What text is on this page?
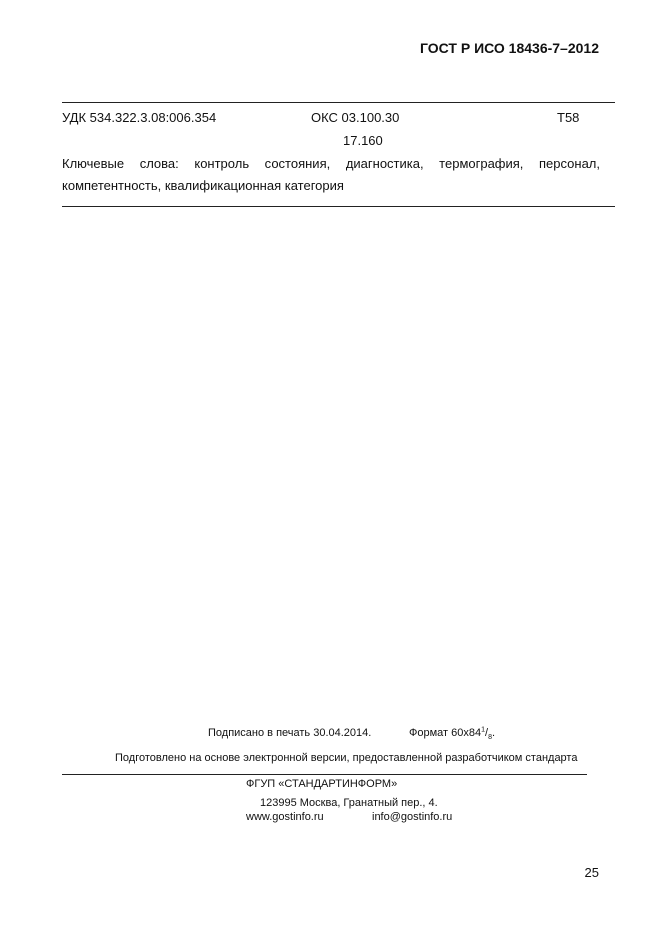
ГОСТ Р ИСО 18436-7–2012
УДК 534.322.3.08:006.354	ОКС 03.100.30
17.160
Т58
Ключевые слова: контроль состояния, диагностика, термография, персонал, компетентность, квалификационная категория
Подписано в печать 30.04.2014.	Формат $60х84^1/_8$.
Подготовлено на основе электронной версии, предоставленной разработчиком стандарта
ФГУП «СТАНДАРТИНФОРМ»
123995 Москва, Гранатный пер., 4.
www.gostinfo.ru	info@gostinfo.ru
25
